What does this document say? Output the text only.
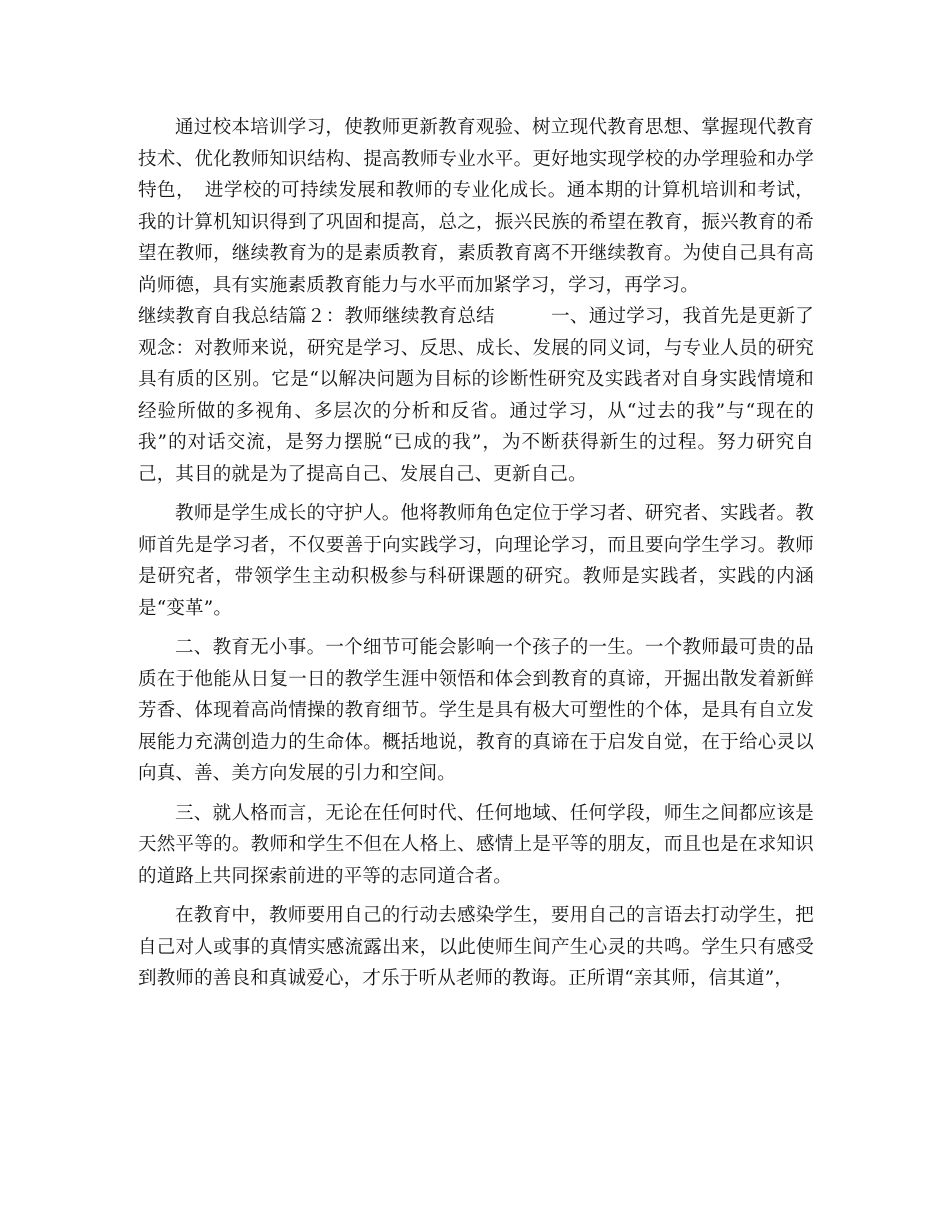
通过校本培训学习，使教师更新教育观验、树立现代教育思想、掌握现代教育技术、优化教师知识结构、提高教师专业水平。更好地实现学校的办学理验和办学特色，　进学校的可持续发展和教师的专业化成长。通本期的计算机培训和考试，我的计算机知识得到了巩固和提高，总之，振兴民族的希望在教育，振兴教育的希望在教师，继续教育为的是素质教育，素质教育离不开继续教育。为使自己具有高尚师德，具有实施素质教育能力与水平而加紧学习，学习，再学习。

继续教育自我总结篇２：教师继续教育总结　　　一、通过学习，我首先是更新了观念：对教师来说，研究是学习、反思、成长、发展的同义词，与专业人员的研究具有质的区别。它是“以解决问题为目标的诊断性研究及实践者对自身实践情境和经验所做的多视角、多层次的分析和反省。通过学习，从“过去的我”与“现在的我”的对话交流，是努力摆脱“已成的我”，为不断获得新生的过程。努力研究自己，其目的就是为了提高自己、发展自己、更新自己。

教师是学生成长的守护人。他将教师角色定位于学习者、研究者、实践者。教师首先是学习者，不仅要善于向实践学习，向理论学习，而且要向学生学习。教师是研究者，带领学生主动积极参与科研课题的研究。教师是实践者，实践的内涵是“变革”。

二、教育无小事。一个细节可能会影响一个孩子的一生。一个教师最可贵的品质在于他能从日复一日的教学生涯中领悟和体会到教育的真谛，开掘出散发着新鲜芳香、体现着高尚情操的教育细节。学生是具有极大可塑性的个体，是具有自立发展能力充满创造力的生命体。概括地说，教育的真谛在于启发自觉，在于给心灵以向真、善、美方向发展的引力和空间。

三、就人格而言，无论在任何时代、任何地域、任何学段，师生之间都应该是天然平等的。教师和学生不但在人格上、感情上是平等的朋友，而且也是在求知识的道路上共同探索前进的平等的志同道合者。

在教育中，教师要用自己的行动去感染学生，要用自己的言语去打动学生，把自己对人或事的真情实感流露出来，以此使师生间产生心灵的共鸣。学生只有感受到教师的善良和真诚爱心，才乐于听从老师的教诲。正所谓“亲其师，信其道”，
